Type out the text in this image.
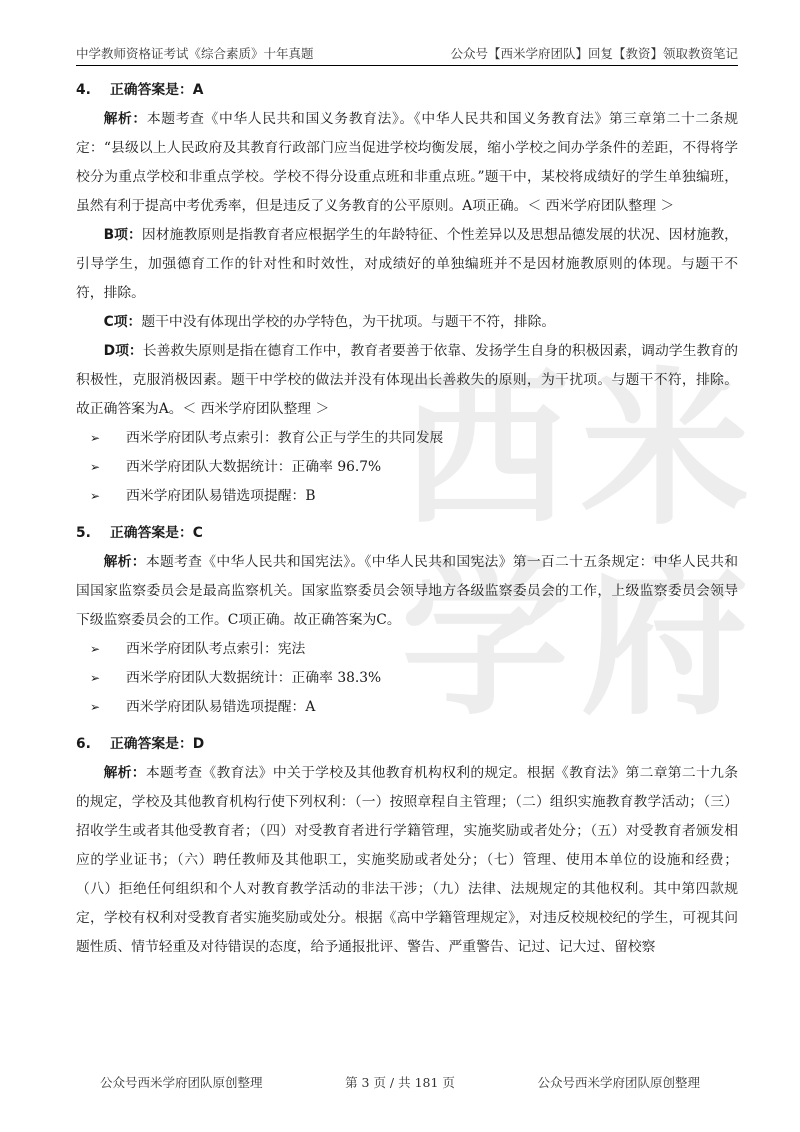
中学教师资格证考试《综合素质》十年真题	公众号【西米学府团队】回复【教资】领取教资笔记
西 米
学 府

4. 正确答案是：A

解析：本题考查《中华人民共和国义务教育法》。《中华人民共和国义务教育法》第三章第二十二条规定：“县级以上人民政府及其教育行政部门应当促进学校均衡发展，缩小学校之间办学条件的差距，不得将学校分为重点学校和非重点学校。学校不得分设重点班和非重点班。”题干中，某校将成绩好的学生单独编班，虽然有利于提高中考优秀率，但是违反了义务教育的公平原则。A项正确。＜ 西米学府团队整理 ＞

B项：因材施教原则是指教育者应根据学生的年龄特征、个性差异以及思想品德发展的状况、因材施教，引导学生，加强德育工作的针对性和时效性，对成绩好的单独编班并不是因材施教原则的体现。与题干不符，排除。

C项：题干中没有体现出学校的办学特色，为干扰项。与题干不符，排除。

D项：长善救失原则是指在德育工作中，教育者要善于依靠、发扬学生自身的积极因素，调动学生教育的积极性，克服消极因素。题干中学校的做法并没有体现出长善救失的原则，为干扰项。与题干不符，排除。故正确答案为A。＜ 西米学府团队整理 ＞

➢ 西米学府团队考点索引：教育公正与学生的共同发展
➢ 西米学府团队大数据统计：正确率 96.7%
➢ 西米学府团队易错选项提醒：B

5. 正确答案是：C

解析：本题考查《中华人民共和国宪法》。《中华人民共和国宪法》第一百二十五条规定：中华人民共和国国家监察委员会是最高监察机关。国家监察委员会领导地方各级监察委员会的工作，上级监察委员会领导下级监察委员会的工作。C项正确。故正确答案为C。

➢ 西米学府团队考点索引：宪法
➢ 西米学府团队大数据统计：正确率 38.3%
➢ 西米学府团队易错选项提醒：A

6. 正确答案是：D

解析：本题考查《教育法》中关于学校及其他教育机构权利的规定。根据《教育法》第二章第二十九条的规定，学校及其他教育机构行使下列权利：（一）按照章程自主管理；（二）组织实施教育教学活动；（三）招收学生或者其他受教育者；（四）对受教育者进行学籍管理，实施奖励或者处分；（五）对受教育者颁发相应的学业证书；（六）聘任教师及其他职工，实施奖励或者处分；（七）管理、使用本单位的设施和经费；（八）拒绝任何组织和个人对教育教学活动的非法干涉；（九）法律、法规规定的其他权利。其中第四款规定，学校有权利对受教育者实施奖励或处分。根据《高中学籍管理规定》，对违反校规校纪的学生，可视其问题性质、情节轻重及对待错误的态度，给予通报批评、警告、严重警告、记过、记大过、留校察

公众号西米学府团队原创整理	第 3 页 / 共 181 页	公众号西米学府团队原创整理
